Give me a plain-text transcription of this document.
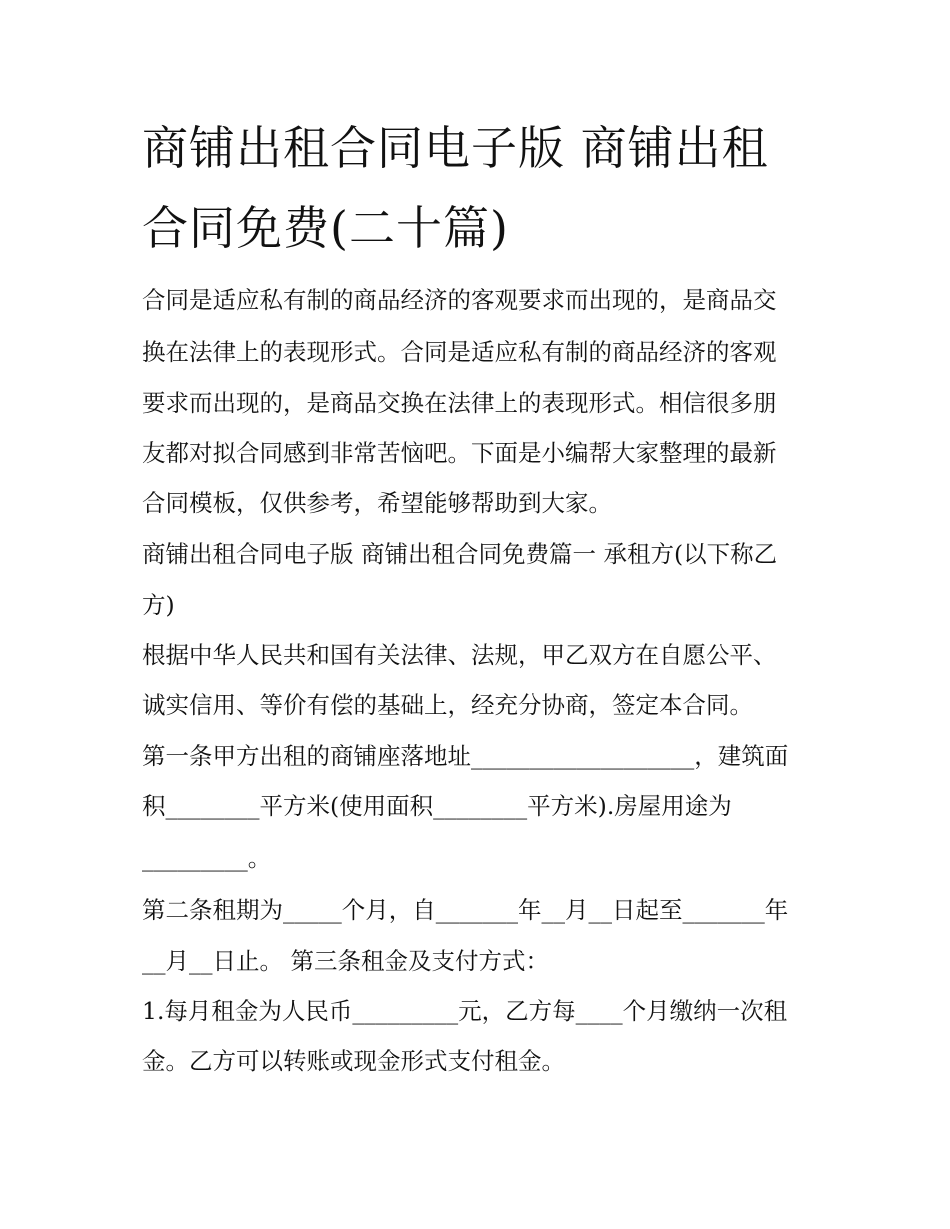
商铺出租合同电子版 商铺出租
合同免费(二十篇)
合同是适应私有制的商品经济的客观要求而出现的，是商品交
换在法律上的表现形式。合同是适应私有制的商品经济的客观
要求而出现的，是商品交换在法律上的表现形式。相信很多朋
友都对拟合同感到非常苦恼吧。下面是小编帮大家整理的最新
合同模板，仅供参考，希望能够帮助到大家。
商铺出租合同电子版 商铺出租合同免费篇一 承租方(以下称乙
方)
根据中华人民共和国有关法律、法规，甲乙双方在自愿公平、
诚实信用、等价有偿的基础上，经充分协商，签定本合同。
第一条甲方出租的商铺座落地址___________________，建筑面
积________平方米(使用面积________平方米).房屋用途为
_________。
第二条租期为_____个月，自_______年__月__日起至_______年
__月__日止。 第三条租金及支付方式：
1.每月租金为人民币_________元，乙方每____个月缴纳一次租
金。乙方可以转账或现金形式支付租金。
